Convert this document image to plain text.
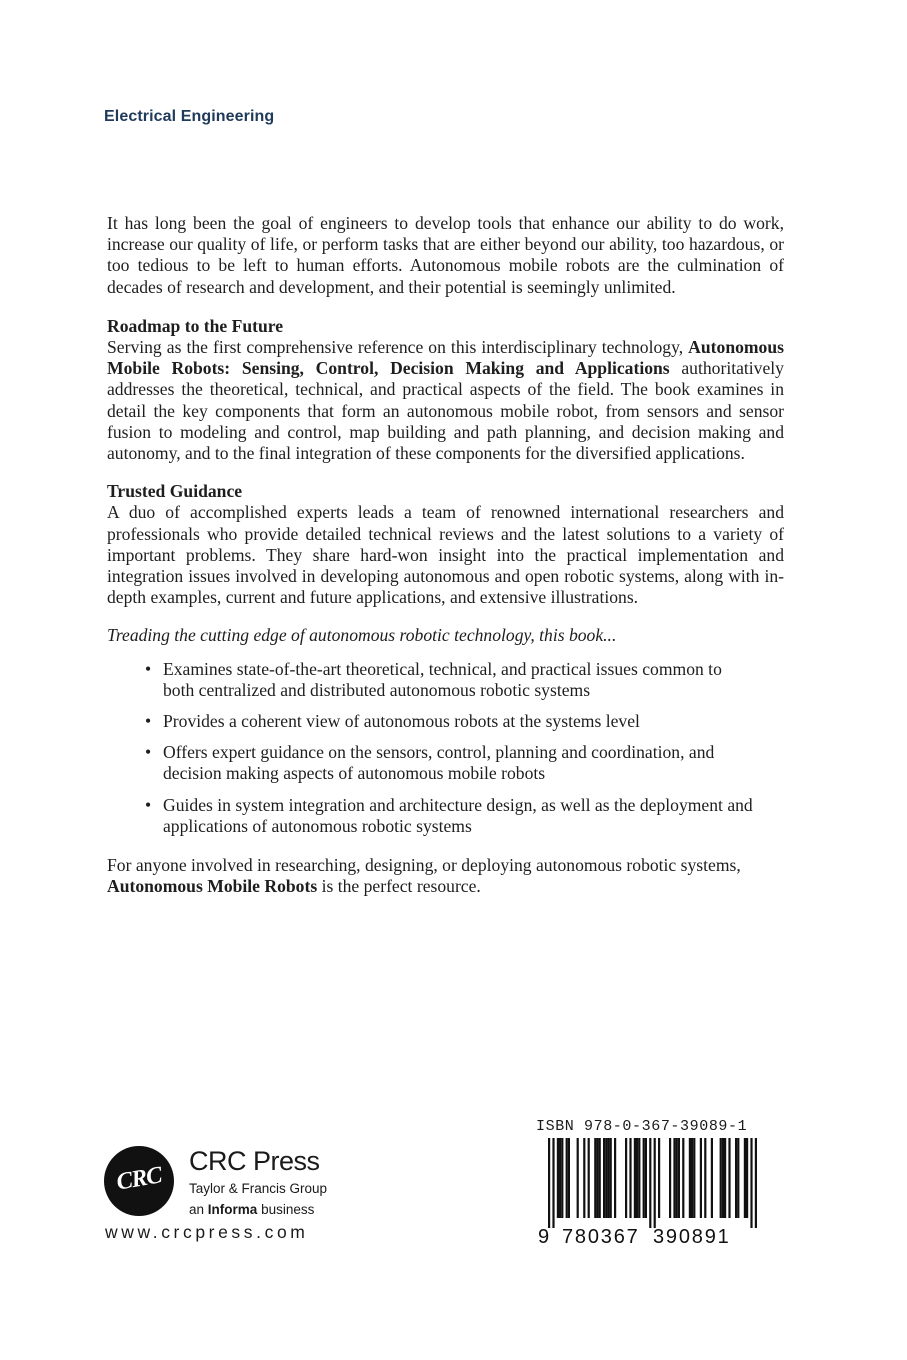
Electrical Engineering

It has long been the goal of engineers to develop tools that enhance our ability to do work, increase our quality of life, or perform tasks that are either beyond our ability, too hazardous, or too tedious to be left to human efforts. Autonomous mobile robots are the culmination of decades of research and development, and their potential is seemingly unlimited.

Roadmap to the Future

Serving as the first comprehensive reference on this interdisciplinary technology, Autonomous Mobile Robots: Sensing, Control, Decision Making and Applications authoritatively addresses the theoretical, technical, and practical aspects of the field. The book examines in detail the key components that form an autonomous mobile robot, from sensors and sensor fusion to modeling and control, map building and path planning, and decision making and autonomy, and to the final integration of these components for the diversified applications.

Trusted Guidance

A duo of accomplished experts leads a team of renowned international researchers and professionals who provide detailed technical reviews and the latest solutions to a variety of important problems. They share hard-won insight into the practical implementation and integration issues involved in developing autonomous and open robotic systems, along with in-depth examples, current and future applications, and extensive illustrations.

Treading the cutting edge of autonomous robotic technology, this book...

• Examines state-of-the-art theoretical, technical, and practical issues common to both centralized and distributed autonomous robotic systems
• Provides a coherent view of autonomous robots at the systems level
• Offers expert guidance on the sensors, control, planning and coordination, and decision making aspects of autonomous mobile robots
• Guides in system integration and architecture design, as well as the deployment and applications of autonomous robotic systems

For anyone involved in researching, designing, or deploying autonomous robotic systems, Autonomous Mobile Robots is the perfect resource.

CRC
CRC Press
Taylor & Francis Group
an Informa business
www.crcpress.com
ISBN 978-0-367-39089-1
9 780367 390891
